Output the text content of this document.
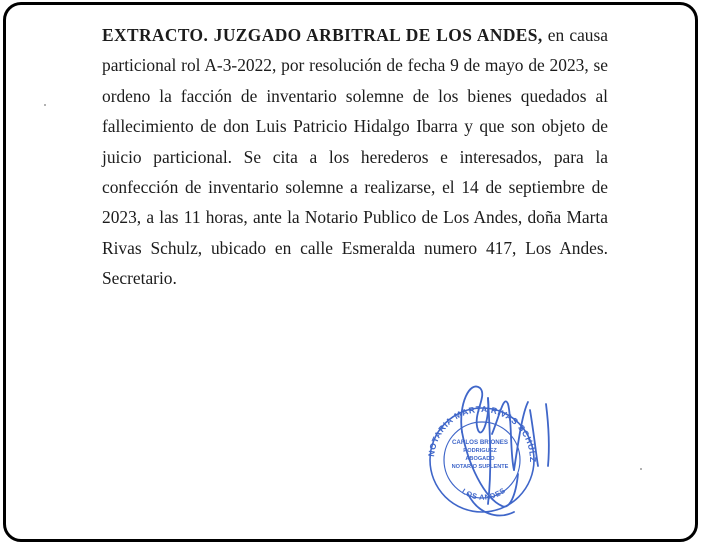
EXTRACTO. JUZGADO ARBITRAL DE LOS ANDES, en causa particional rol A-3-2022, por resolución de fecha 9 de mayo de 2023, se ordeno la facción de inventario solemne de los bienes quedados al fallecimiento de don Luis Patricio Hidalgo Ibarra y que son objeto de juicio particional. Se cita a los herederos e interesados, para la confección de inventario solemne a realizarse, el 14 de septiembre de 2023, a las 11 horas, ante la Notario Publico de Los Andes, doña Marta Rivas Schulz, ubicado en calle Esmeralda numero 417, Los Andes. Secretario.

NOTARIA MARTA RIVAS SCHULZ
LOS ANDES
CARLOS BRIONES
RODRIGUEZ
ABOGADO
NOTARIO SUPLENTE
